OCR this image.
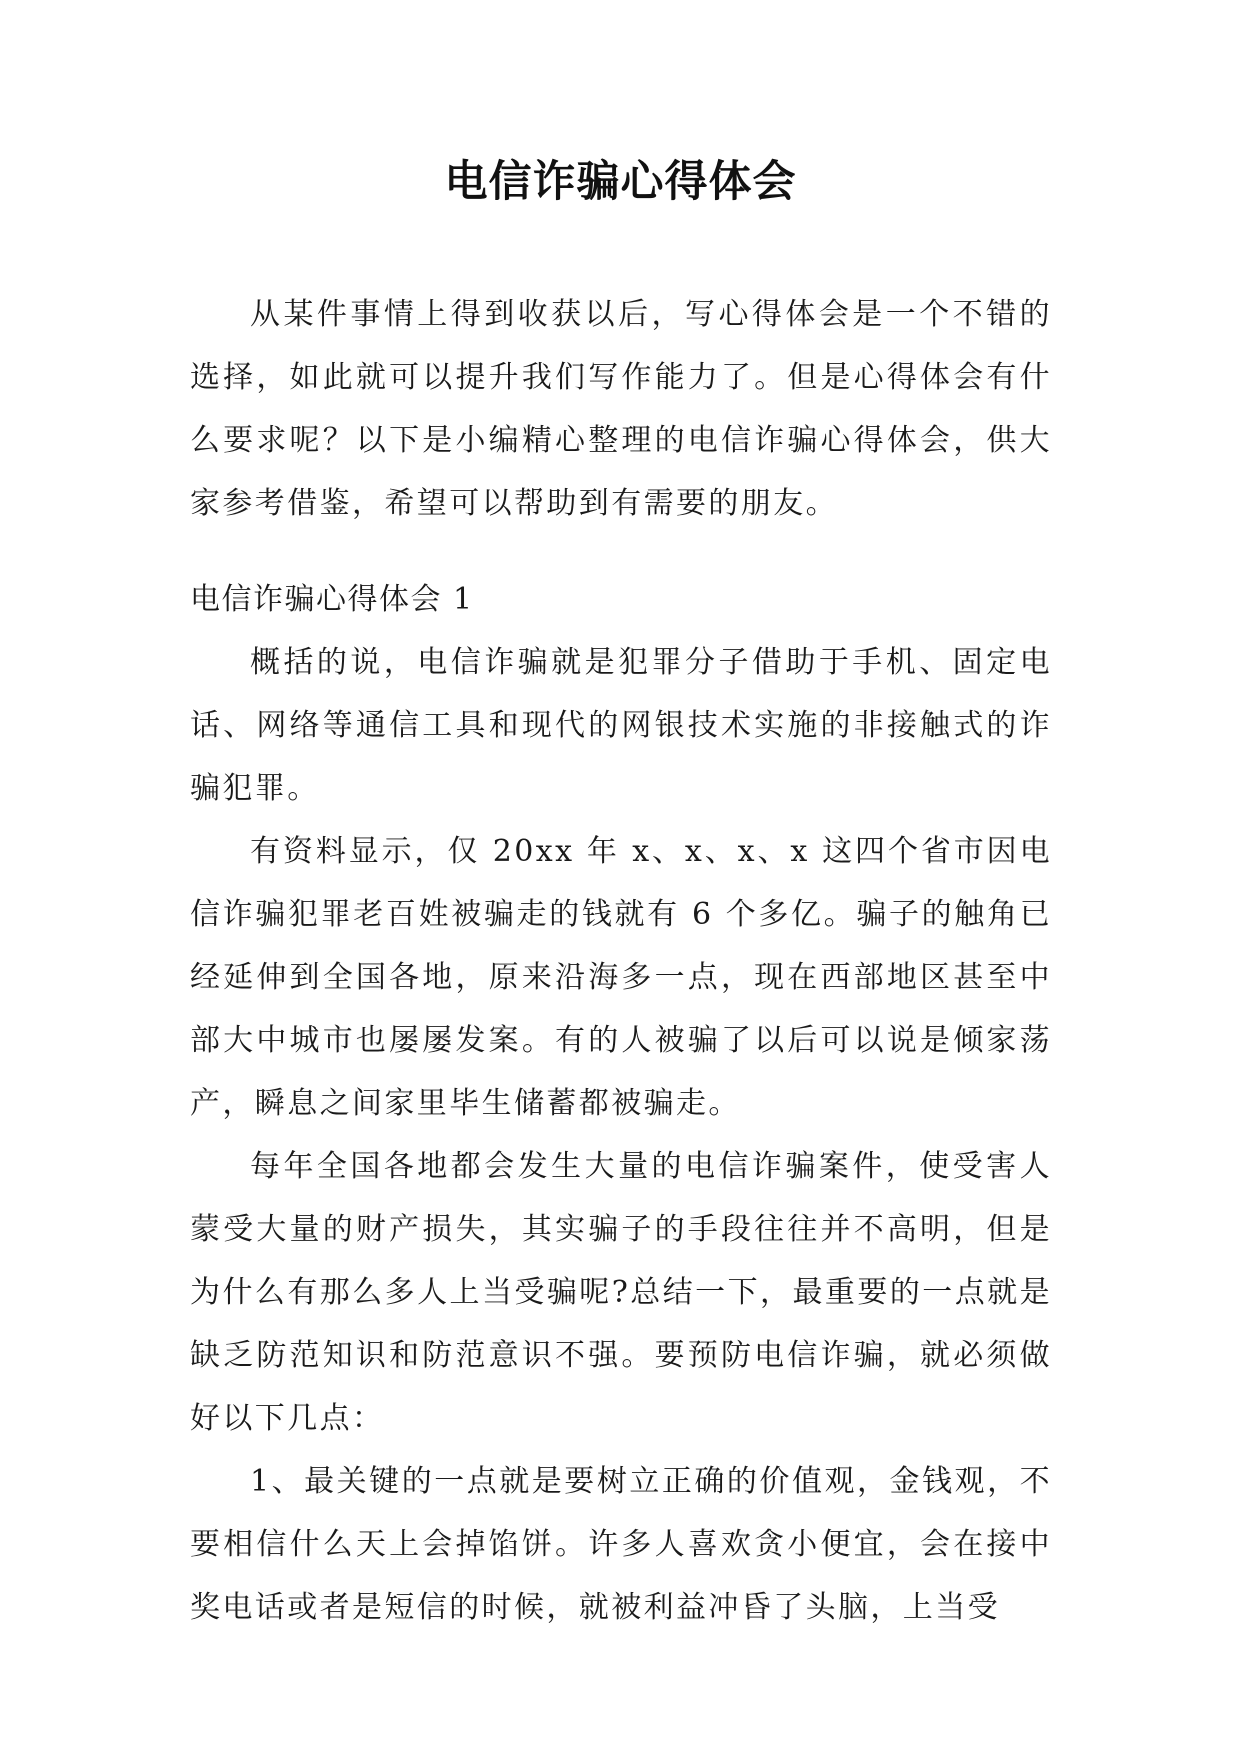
电信诈骗心得体会

从某件事情上得到收获以后，写心得体会是一个不错的选择，如此就可以提升我们写作能力了。但是心得体会有什么要求呢？以下是小编精心整理的电信诈骗心得体会，供大家参考借鉴，希望可以帮助到有需要的朋友。

电信诈骗心得体会 1

概括的说，电信诈骗就是犯罪分子借助于手机、固定电话、网络等通信工具和现代的网银技术实施的非接触式的诈骗犯罪。

有资料显示，仅 20xx 年 x、x、x、x 这四个省市因电信诈骗犯罪老百姓被骗走的钱就有 6 个多亿。骗子的触角已经延伸到全国各地，原来沿海多一点，现在西部地区甚至中部大中城市也屡屡发案。有的人被骗了以后可以说是倾家荡产，瞬息之间家里毕生储蓄都被骗走。

每年全国各地都会发生大量的电信诈骗案件，使受害人蒙受大量的财产损失，其实骗子的手段往往并不高明，但是为什么有那么多人上当受骗呢?总结一下，最重要的一点就是缺乏防范知识和防范意识不强。要预防电信诈骗，就必须做好以下几点：

1、最关键的一点就是要树立正确的价值观，金钱观，不要相信什么天上会掉馅饼。许多人喜欢贪小便宜，会在接中奖电话或者是短信的时候，就被利益冲昏了头脑，上当受
